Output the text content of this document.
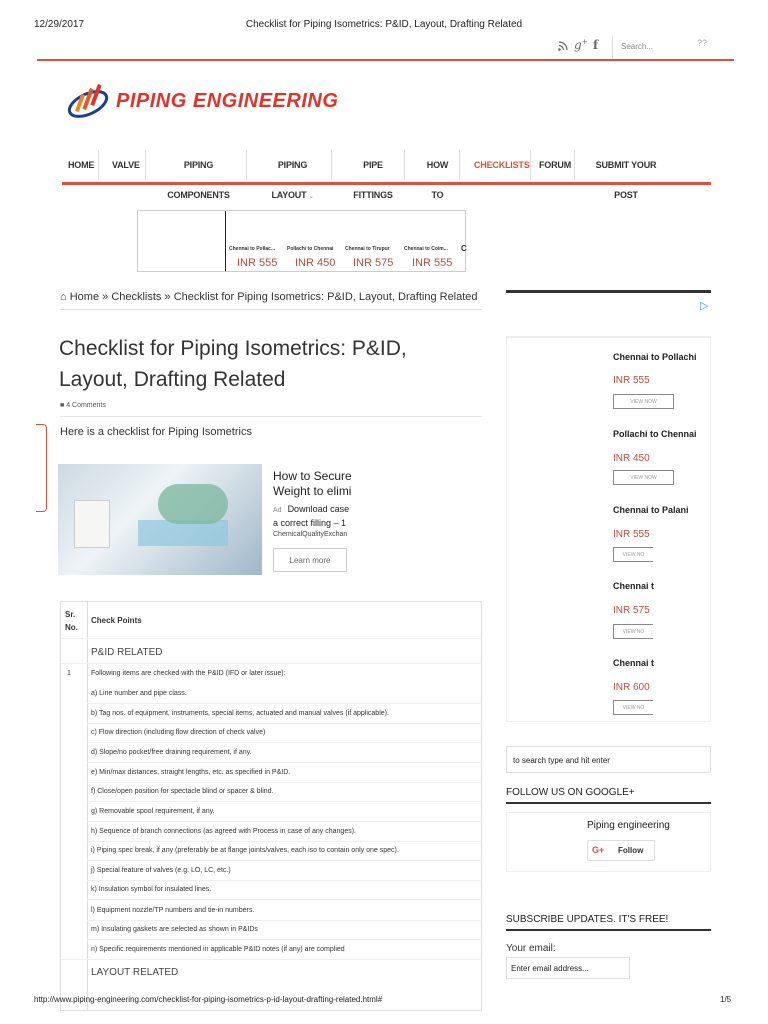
12/29/2017	Checklist for Piping Isometrics: P&ID, Layout, Drafting Related
g+ f	Search...	??
PIPING ENGINEERING
HOME	VALVE	PIPING COMPONENTS
PIPING LAYOUT ⌄
PIPE FITTINGS
HOW TO
CHECKLISTS	FORUM	SUBMIT YOUR POST
Chennai to Pollac...
INR 555
Pollachi to Chennai
INR 450
Chennai to Tirupur
INR 575
Chennai to Coim...
INR 555
C
⌂ Home » Checklists » Checklist for Piping Isometrics: P&ID, Layout, Drafting Related
Checklist for Piping Isometrics: P&ID, Layout, Drafting Related
■ 4 Comments
Here is a checklist for Piping Isometrics
How to Secure
Weight to elimi
Ad Download case
a correct filling – 1
ChemicalQualityExchan
Learn more
Sr. No.
Check Points
P&ID RELATED
1	Following items are checked with the P&ID (IFD or later issue):
a) Line number and pipe class.
b) Tag nos. of equipment, instruments, special items, actuated and manual valves (if applicable).
c) Flow direction (including flow direction of check valve)
d) Slope/no pocket/free draining requirement, if any.
e) Min/max distances, straight lengths, etc. as specified in P&ID.
f) Close/open position for spectacle blind or spacer & blind.
g) Removable spool requirement, if any.
h) Sequence of branch connections (as agreed with Process in case of any changes).
i) Piping spec break, if any (preferably be at flange joints/valves, each iso to contain only one spec).
j) Special feature of valves (e.g. LO, LC, etc.)
k) Insulation symbol for insulated lines.
l) Equipment nozzle/TP numbers and tie-in numbers.
m) Insulating gaskets are selected as shown in P&IDs
n) Specific requirements mentioned in applicable P&ID notes (if any) are complied
LAYOUT RELATED
▷
Chennai to Pollachi
INR 555
VIEW NOW
Pollachi to Chennai
INR 450
VIEW NOW
Chennai to Palani
INR 555
VIEW NO
Chennai t
INR 575
VIEW NO
Chennai t
INR 600
VIEW NO
to search type and hit enter
FOLLOW US ON GOOGLE+
Piping engineering
G+ Follow
SUBSCRIBE UPDATES. IT'S FREE!
Your email:
Enter email address...
http://www.piping-engineering.com/checklist-for-piping-isometrics-p-id-layout-drafting-related.html#	1/5
